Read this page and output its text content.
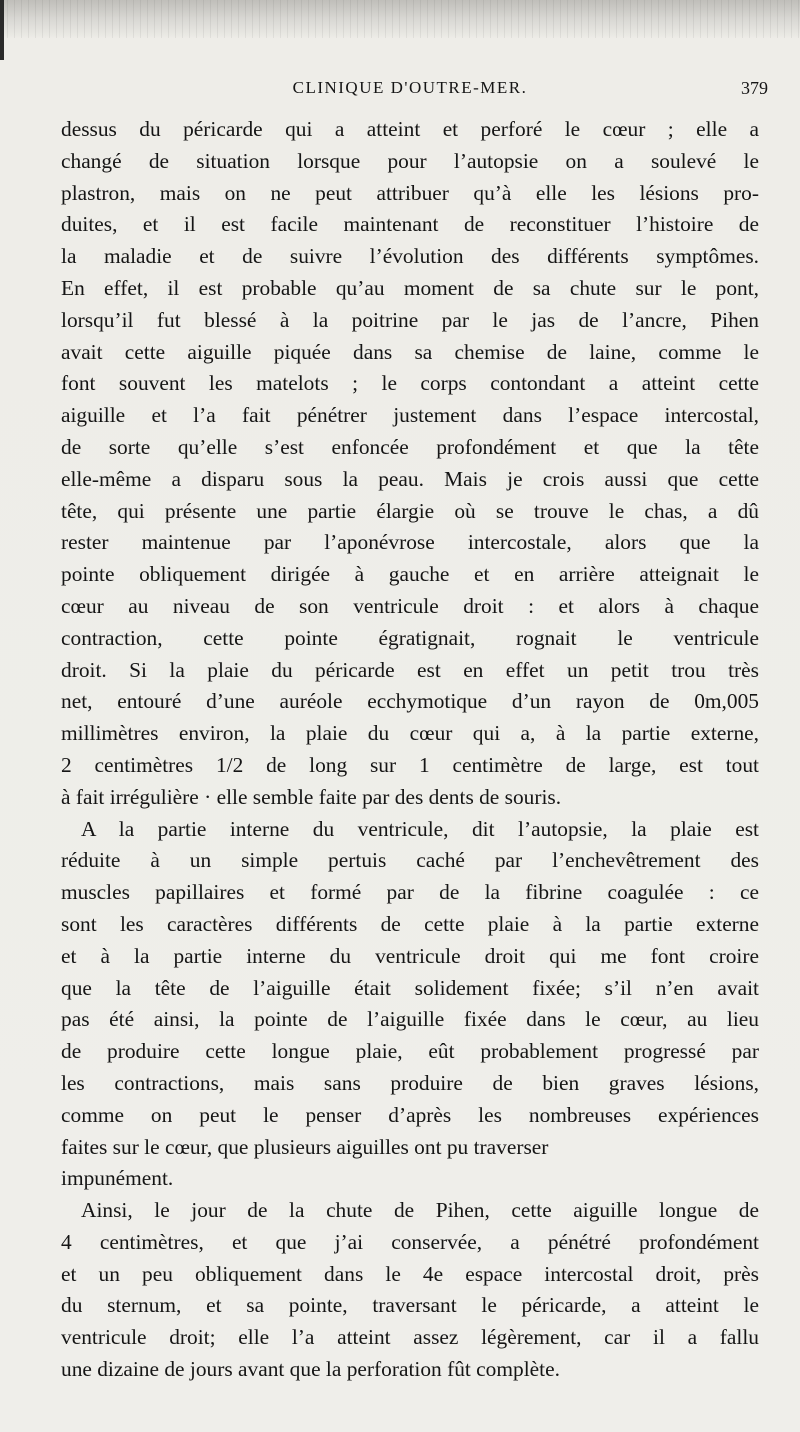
CLINIQUE D'OUTRE-MER.	379
dessus du péricarde qui a atteint et perforé le cœur ; elle a
changé de situation lorsque pour l’autopsie on a soulevé le
plastron, mais on ne peut attribuer qu’à elle les lésions pro-
duites, et il est facile maintenant de reconstituer l’histoire de
la maladie et de suivre l’évolution des différents symptômes.
En effet, il est probable qu’au moment de sa chute sur le pont,
lorsqu’il fut blessé à la poitrine par le jas de l’ancre, Pihen
avait cette aiguille piquée dans sa chemise de laine, comme le
font souvent les matelots ; le corps contondant a atteint cette
aiguille et l’a fait pénétrer justement dans l’espace intercostal,
de sorte qu’elle s’est enfoncée profondément et que la tête
elle-même a disparu sous la peau. Mais je crois aussi que cette
tête, qui présente une partie élargie où se trouve le chas, a dû
rester maintenue par l’aponévrose intercostale, alors que la
pointe obliquement dirigée à gauche et en arrière atteignait le
cœur au niveau de son ventricule droit : et alors à chaque
contraction, cette pointe égratignait, rognait le ventricule
droit. Si la plaie du péricarde est en effet un petit trou très
net, entouré d’une auréole ecchymotique d’un rayon de 0m,005
millimètres environ, la plaie du cœur qui a, à la partie externe,
2 centimètres 1/2 de long sur 1 centimètre de large, est tout
à fait irrégulière · elle semble faite par des dents de souris.
A la partie interne du ventricule, dit l’autopsie, la plaie est
réduite à un simple pertuis caché par l’enchevêtrement des
muscles papillaires et formé par de la fibrine coagulée : ce
sont les caractères différents de cette plaie à la partie externe
et à la partie interne du ventricule droit qui me font croire
que la tête de l’aiguille était solidement fixée; s’il n’en avait
pas été ainsi, la pointe de l’aiguille fixée dans le cœur, au lieu
de produire cette longue plaie, eût probablement progressé par
les contractions, mais sans produire de bien graves lésions,
comme on peut le penser d’après les nombreuses expériences
faites sur le cœur, que plusieurs aiguilles ont pu traverser
impunément.
Ainsi, le jour de la chute de Pihen, cette aiguille longue de
4 centimètres, et que j’ai conservée, a pénétré profondément
et un peu obliquement dans le 4e espace intercostal droit, près
du sternum, et sa pointe, traversant le péricarde, a atteint le
ventricule droit; elle l’a atteint assez légèrement, car il a fallu
une dizaine de jours avant que la perforation fût complète.
